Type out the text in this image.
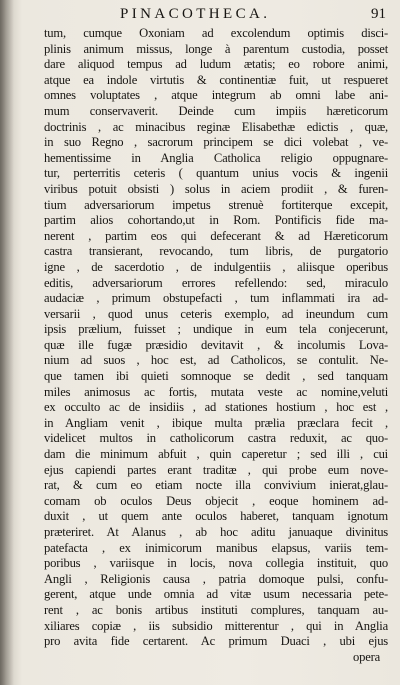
PINACOTHECA.	91
tum, cumque Oxoniam ad excolendum optimis disci-
plinis animum missus, longe à parentum custodia, posset
dare aliquod tempus ad ludum ætatis; eo robore animi,
atque ea indole virtutis & continentiæ fuit, ut respueret
omnes voluptates , atque integrum ab omni labe ani-
mum conservaverit. Deinde cum impiis hæreticorum
doctrinis , ac minacibus reginæ Elisabethæ edictis , quæ,
in suo Regno , sacrorum principem se dici volebat , ve-
hementissime in Anglia Catholica religio oppugnare-
tur, perterritis ceteris ( quantum unius vocis & ingenii
viribus potuit obsisti ) solus in aciem prodiit , & furen-
tium adversariorum impetus strenuè fortiterque excepit,
partim alios cohortando,ut in Rom. Pontificis fide ma-
nerent , partim eos qui defecerant & ad Hæreticorum
castra transierant, revocando, tum libris, de purgatorio
igne , de sacerdotio , de indulgentiis , aliisque operibus
editis, adversariorum errores refellendo: sed, miraculo
audaciæ , primum obstupefacti , tum inflammati ira ad-
versarii , quod unus ceteris exemplo, ad ineundum cum
ipsis prælium, fuisset ; undique in eum tela conjecerunt,
quæ ille fugæ præsidio devitavit , & incolumis Lova-
nium ad suos , hoc est, ad Catholicos, se contulit. Ne-
que tamen ibi quieti somnoque se dedit , sed tanquam
miles animosus ac fortis, mutata veste ac nomine,veluti
ex occulto ac de insidiis , ad stationes hostium , hoc est ,
in Angliam venit , ibique multa prælia præclara fecit ,
videlicet multos in catholicorum castra reduxit, ac quo-
dam die minimum abfuit , quin caperetur ; sed illi , cui
ejus capiendi partes erant traditæ , qui probe eum nove-
rat, & cum eo etiam nocte illa convivium inierat,glau-
comam ob oculos Deus objecit , eoque hominem ad-
duxit , ut quem ante oculos haberet, tanquam ignotum
præteriret. At Alanus , ab hoc aditu januaque divinitus
patefacta , ex inimicorum manibus elapsus, variis tem-
poribus , variisque in locis, nova collegia instituit, quo
Angli , Religionis causa , patria domoque pulsi, confu-
gerent, atque unde omnia ad vitæ usum necessaria pete-
rent , ac bonis artibus instituti complures, tanquam au-
xiliares copiæ , iis subsidio mitterentur , qui in Anglia
pro avita fide certarent. Ac primum Duaci , ubi ejus
opera
